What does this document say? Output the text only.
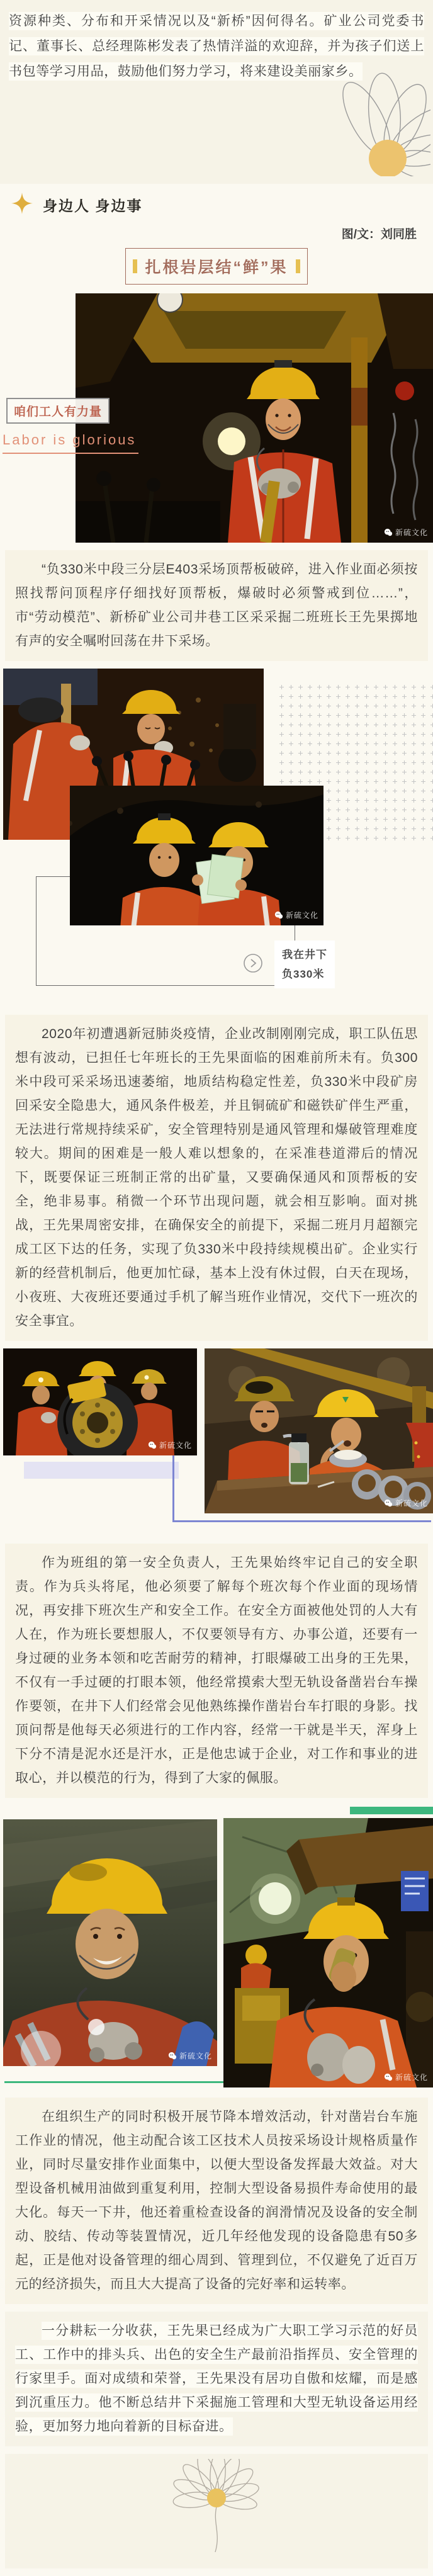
资源种类、分布和开采情况以及“新桥”因何得名。矿业公司党委书记、董事长、总经理陈彬发表了热情洋溢的欢迎辞，并为孩子们送上书包等学习用品，鼓励他们努力学习，将来建设美丽家乡。

身边人 身边事
图/文：刘同胜
扎根岩层结“鲜”果
新硫文化
咱们工人有力量
Labor is glorious

“负330米中段三分层E403采场顶帮板破碎，进入作业面必须按照找帮问顶程序仔细找好顶帮板，爆破时必须警戒到位……”，市“劳动模范”、新桥矿业公司井巷工区采采掘二班班长王先果掷地有声的安全嘱咐回荡在井下采场。

新硫文化
我在井下
负330米

2020年初遭遇新冠肺炎疫情，企业改制刚刚完成，职工队伍思想有波动，已担任七年班长的王先果面临的困难前所未有。负300米中段可采采场迅速萎缩，地质结构稳定性差，负330米中段矿房回采安全隐患大，通风条件极差，并且铜硫矿和磁铁矿伴生严重，无法进行常规持续采矿，安全管理特别是通风管理和爆破管理难度较大。期间的困难是一般人难以想象的，在采准巷道滞后的情况下，既要保证三班制正常的出矿量，又要确保通风和顶帮板的安全，绝非易事。稍微一个环节出现问题，就会相互影响。面对挑战，王先果周密安排，在确保安全的前提下，采掘二班月月超额完成工区下达的任务，实现了负330米中段持续规模出矿。企业实行新的经营机制后，他更加忙碌，基本上没有休过假，白天在现场，小夜班、大夜班还要通过手机了解当班作业情况，交代下一班次的安全事宜。

新硫文化
新硫文化

作为班组的第一安全负责人，王先果始终牢记自己的安全职责。作为兵头将尾，他必须要了解每个班次每个作业面的现场情况，再安排下班次生产和安全工作。在安全方面被他处罚的人大有人在，作为班长要想服人，不仅要领导有方、办事公道，还要有一身过硬的业务本领和吃苦耐劳的精神，打眼爆破工出身的王先果，不仅有一手过硬的打眼本领，他经常摸索大型无轨设备凿岩台车操作要领，在井下人们经常会见他熟练操作凿岩台车打眼的身影。找顶问帮是他每天必须进行的工作内容，经常一干就是半天，浑身上下分不清是泥水还是汗水，正是他忠诚于企业，对工作和事业的进取心，并以模范的行为，得到了大家的佩服。

新硫文化
新硫文化

在组织生产的同时积极开展节降本增效活动，针对凿岩台车施工作业的情况，他主动配合该工区技术人员按采场设计规格质量作业，同时尽量安排作业面集中，以便大型设备发挥最大效益。对大型设备机械用油做到重复利用，控制大型设备易损件寿命使用的最大化。每天一下井，他还着重检查设备的润滑情况及设备的安全制动、胶结、传动等装置情况，近几年经他发现的设备隐患有50多起，正是他对设备管理的细心周到、管理到位，不仅避免了近百万元的经济损失，而且大大提高了设备的完好率和运转率。

一分耕耘一分收获，王先果已经成为广大职工学习示范的好员工、工作中的排头兵、出色的安全生产最前沿指挥员、安全管理的行家里手。面对成绩和荣誉，王先果没有居功自傲和炫耀，而是感到沉重压力。他不断总结井下采掘施工管理和大型无轨设备运用经验，更加努力地向着新的目标奋进。
